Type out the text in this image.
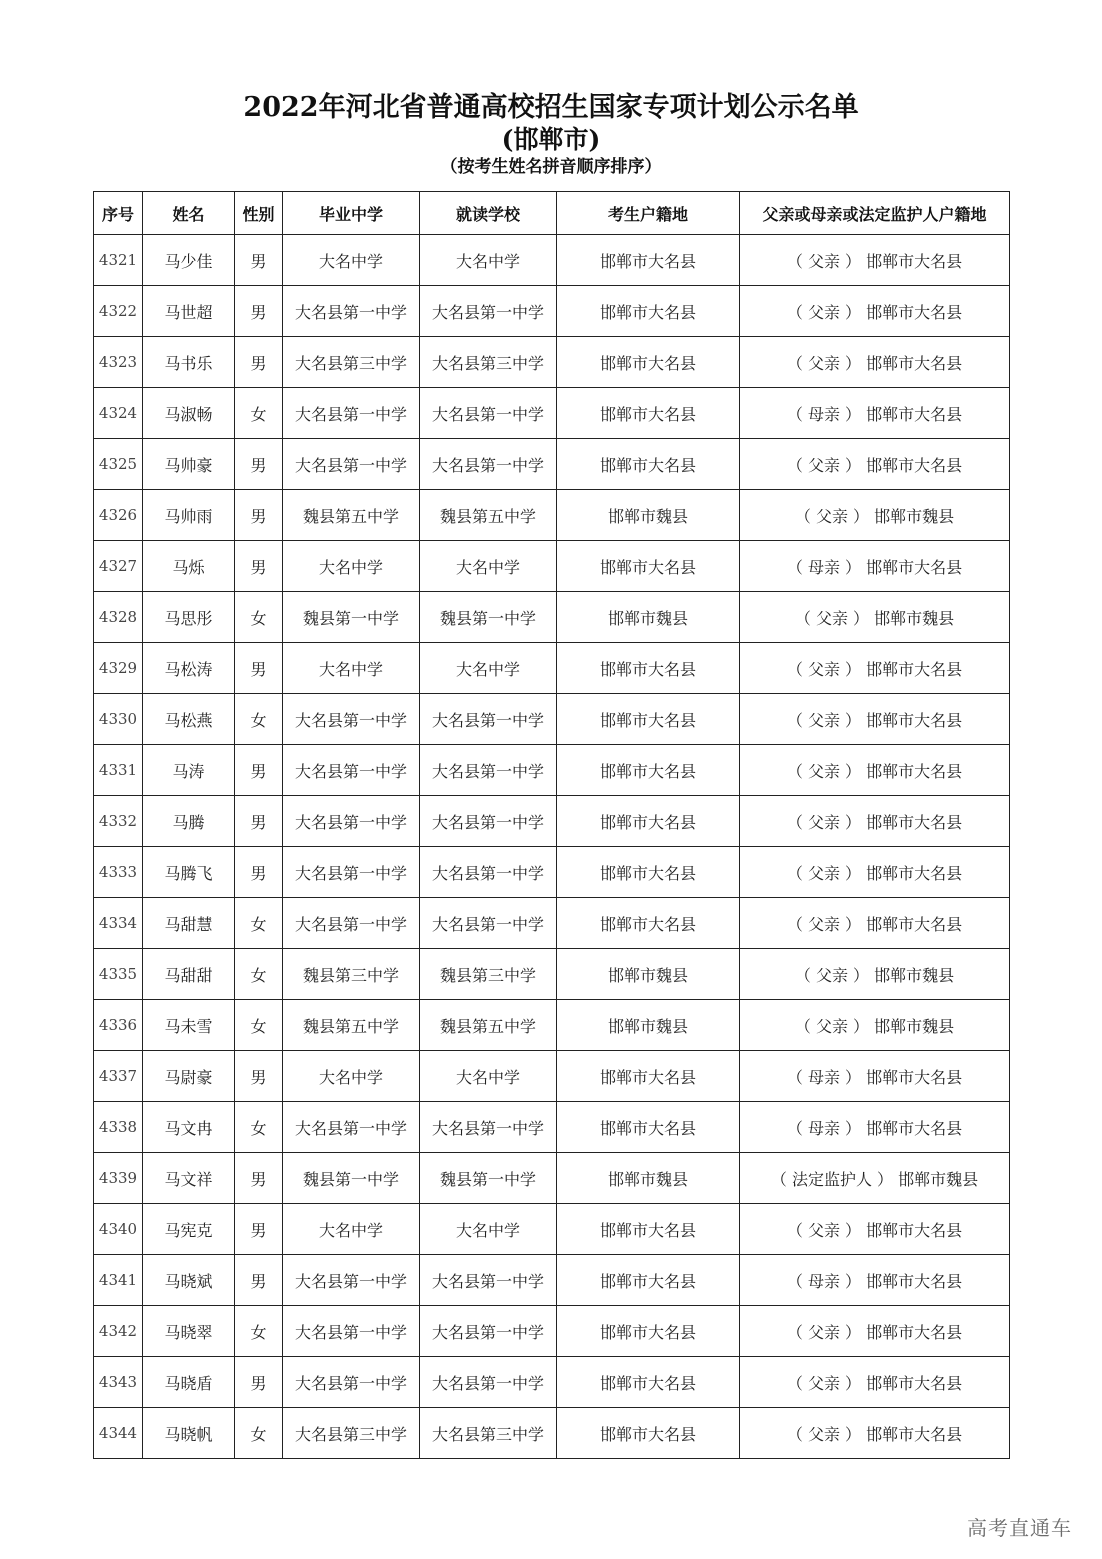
2022年河北省普通高校招生国家专项计划公示名单
(邯郸市)
（按考生姓名拼音顺序排序）
序号	姓名	性别	毕业中学	就读学校	考生户籍地	父亲或母亲或法定监护人户籍地
4321	马少佳	男	大名中学	大名中学	邯郸市大名县	（ 父亲 ） 邯郸市大名县
4322	马世超	男	大名县第一中学	大名县第一中学	邯郸市大名县	（ 父亲 ） 邯郸市大名县
4323	马书乐	男	大名县第三中学	大名县第三中学	邯郸市大名县	（ 父亲 ） 邯郸市大名县
4324	马淑畅	女	大名县第一中学	大名县第一中学	邯郸市大名县	（ 母亲 ） 邯郸市大名县
4325	马帅豪	男	大名县第一中学	大名县第一中学	邯郸市大名县	（ 父亲 ） 邯郸市大名县
4326	马帅雨	男	魏县第五中学	魏县第五中学	邯郸市魏县	（ 父亲 ） 邯郸市魏县
4327	马烁	男	大名中学	大名中学	邯郸市大名县	（ 母亲 ） 邯郸市大名县
4328	马思彤	女	魏县第一中学	魏县第一中学	邯郸市魏县	（ 父亲 ） 邯郸市魏县
4329	马松涛	男	大名中学	大名中学	邯郸市大名县	（ 父亲 ） 邯郸市大名县
4330	马松燕	女	大名县第一中学	大名县第一中学	邯郸市大名县	（ 父亲 ） 邯郸市大名县
4331	马涛	男	大名县第一中学	大名县第一中学	邯郸市大名县	（ 父亲 ） 邯郸市大名县
4332	马腾	男	大名县第一中学	大名县第一中学	邯郸市大名县	（ 父亲 ） 邯郸市大名县
4333	马腾飞	男	大名县第一中学	大名县第一中学	邯郸市大名县	（ 父亲 ） 邯郸市大名县
4334	马甜慧	女	大名县第一中学	大名县第一中学	邯郸市大名县	（ 父亲 ） 邯郸市大名县
4335	马甜甜	女	魏县第三中学	魏县第三中学	邯郸市魏县	（ 父亲 ） 邯郸市魏县
4336	马未雪	女	魏县第五中学	魏县第五中学	邯郸市魏县	（ 父亲 ） 邯郸市魏县
4337	马尉豪	男	大名中学	大名中学	邯郸市大名县	（ 母亲 ） 邯郸市大名县
4338	马文冉	女	大名县第一中学	大名县第一中学	邯郸市大名县	（ 母亲 ） 邯郸市大名县
4339	马文祥	男	魏县第一中学	魏县第一中学	邯郸市魏县	（ 法定监护人 ） 邯郸市魏县
4340	马宪克	男	大名中学	大名中学	邯郸市大名县	（ 父亲 ） 邯郸市大名县
4341	马晓斌	男	大名县第一中学	大名县第一中学	邯郸市大名县	（ 母亲 ） 邯郸市大名县
4342	马晓翠	女	大名县第一中学	大名县第一中学	邯郸市大名县	（ 父亲 ） 邯郸市大名县
4343	马晓盾	男	大名县第一中学	大名县第一中学	邯郸市大名县	（ 父亲 ） 邯郸市大名县
4344	马晓帆	女	大名县第三中学	大名县第三中学	邯郸市大名县	（ 父亲 ） 邯郸市大名县
高考直通车
